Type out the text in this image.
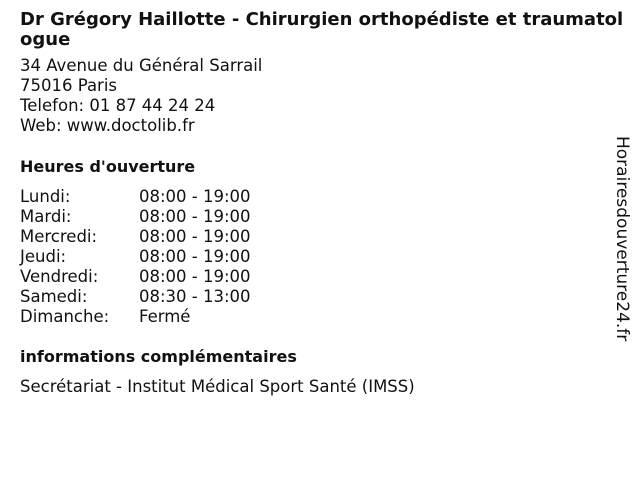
Dr Grégory Haillotte - Chirurgien orthopédiste et traumatologue
34 Avenue du Général Sarrail
75016 Paris
Telefon: 01 87 44 24 24
Web: www.doctolib.fr
Heures d'ouverture
Lundi:	08:00 - 19:00
Mardi:	08:00 - 19:00
Mercredi:	08:00 - 19:00
Jeudi:	08:00 - 19:00
Vendredi:	08:00 - 19:00
Samedi:	08:30 - 13:00
Dimanche:	Fermé
informations complémentaires
Secrétariat - Institut Médical Sport Santé (IMSS)
Horairesdouverture24.fr
